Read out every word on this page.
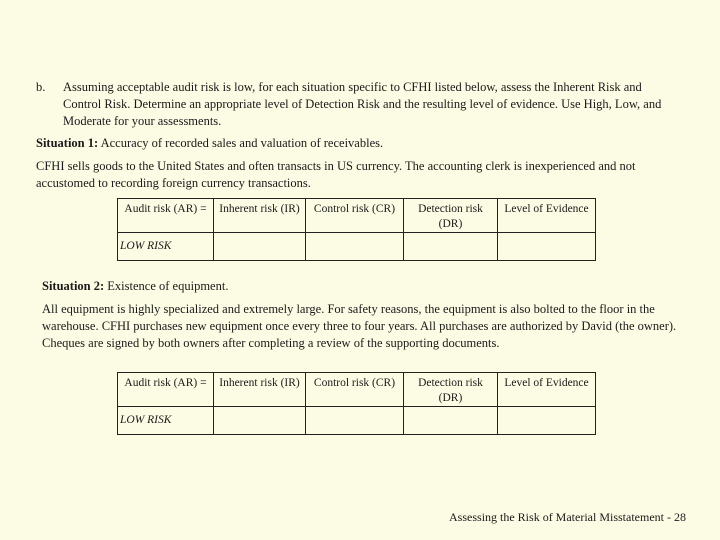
b. Assuming acceptable audit risk is low, for each situation specific to CFHI listed below, assess the Inherent Risk and Control Risk. Determine an appropriate level of Detection Risk and the resulting level of evidence. Use High, Low, and Moderate for your assessments.
Situation 1: Accuracy of recorded sales and valuation of receivables.
CFHI sells goods to the United States and often transacts in US currency. The accounting clerk is inexperienced and not accustomed to recording foreign currency transactions.
Audit risk (AR) =	Inherent risk (IR)	Control risk (CR)	Detection risk (DR)	Level of Evidence
LOW RISK				
Situation 2: Existence of equipment.
All equipment is highly specialized and extremely large. For safety reasons, the equipment is also bolted to the floor in the warehouse. CFHI purchases new equipment once every three to four years. All purchases are authorized by David (the owner). Cheques are signed by both owners after completing a review of the supporting documents.
Audit risk (AR) =	Inherent risk (IR)	Control risk (CR)	Detection risk (DR)	Level of Evidence
LOW RISK				
Assessing the Risk of Material Misstatement - 28
